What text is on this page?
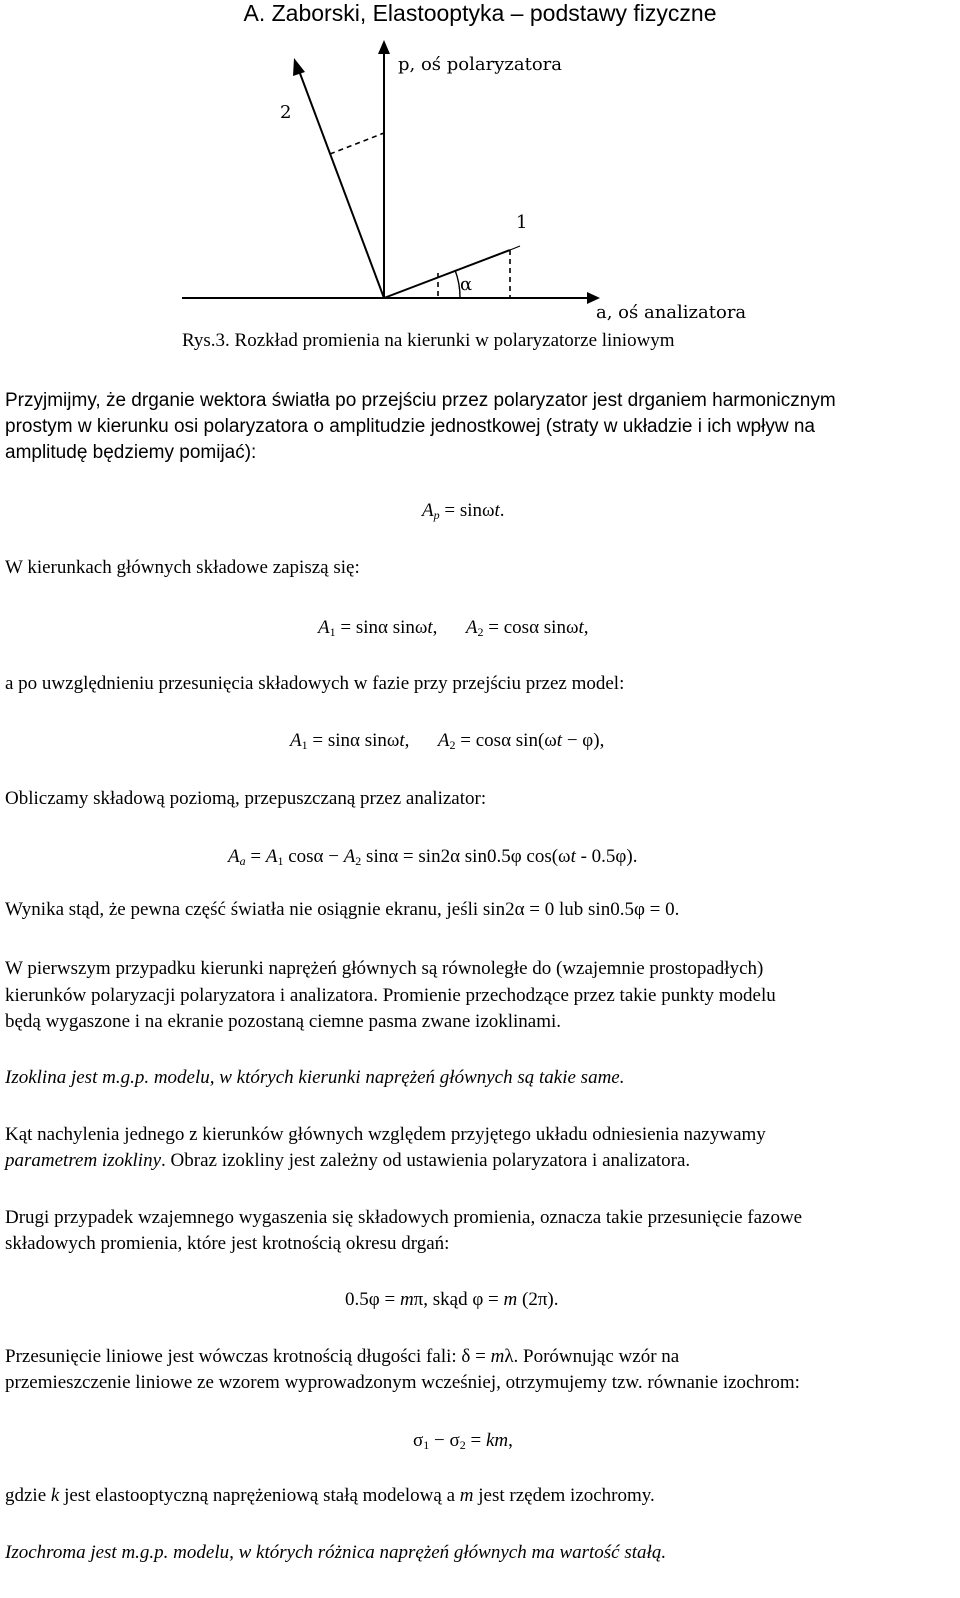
A. Zaborski, Elastooptyka – podstawy fizyczne
p, oś polaryzatora
a, oś analizatora
2
1
α
Rys.3. Rozkład promienia na kierunki w polaryzatorze liniowym
Przyjmijmy, że drganie wektora światła po przejściu przez polaryzator jest drganiem harmonicznym
prostym w kierunku osi polaryzatora o amplitudzie jednostkowej (straty w układzie i ich wpływ na
amplitudę będziemy pomijać):
$A_p = \sin\omega t$.
W kierunkach głównych składowe zapiszą się:
$A_1 = \sin\alpha$ sinωt,      $A_2 = \cos\alpha$ sinωt,
a po uwzględnieniu przesunięcia składowych w fazie przy przejściu przez model:
$A_1 = \sin\alpha$ sinωt,      $A_2 = \cos\alpha$ sin(ωt − φ),
Obliczamy składową poziomą, przepuszczaną przez analizator:
$A_a = A_1$ $\cos\alpha - A_2$ sinα = sin2α sin0.5φ cos(ωt - 0.5φ).
Wynika stąd, że pewna część światła nie osiągnie ekranu, jeśli sin2α = 0 lub sin0.5φ = 0.
W pierwszym przypadku kierunki naprężeń głównych są równoległe do (wzajemnie prostopadłych)
kierunków polaryzacji polaryzatora i analizatora. Promienie przechodzące przez takie punkty modelu
będą wygaszone i na ekranie pozostaną ciemne pasma zwane izoklinami.
Izoklina jest m.g.p. modelu, w których kierunki naprężeń głównych są takie same.
Kąt nachylenia jednego z kierunków głównych względem przyjętego układu odniesienia nazywamy
parametrem izokliny. Obraz izokliny jest zależny od ustawienia polaryzatora i analizatora.
Drugi przypadek wzajemnego wygaszenia się składowych promienia, oznacza takie przesunięcie fazowe
składowych promienia, które jest krotnością okresu drgań:
0.5φ = mπ, skąd φ = m (2π).
Przesunięcie liniowe jest wówczas krotnością długości fali: δ = mλ. Porównując wzór na
przemieszczenie liniowe ze wzorem wyprowadzonym wcześniej, otrzymujemy tzw. równanie izochrom:
$\sigma_1 - \sigma_2$ = km,
gdzie k jest elastooptyczną naprężeniową stałą modelową a m jest rzędem izochromy.
Izochroma jest m.g.p. modelu, w których różnica naprężeń głównych ma wartość stałą.
